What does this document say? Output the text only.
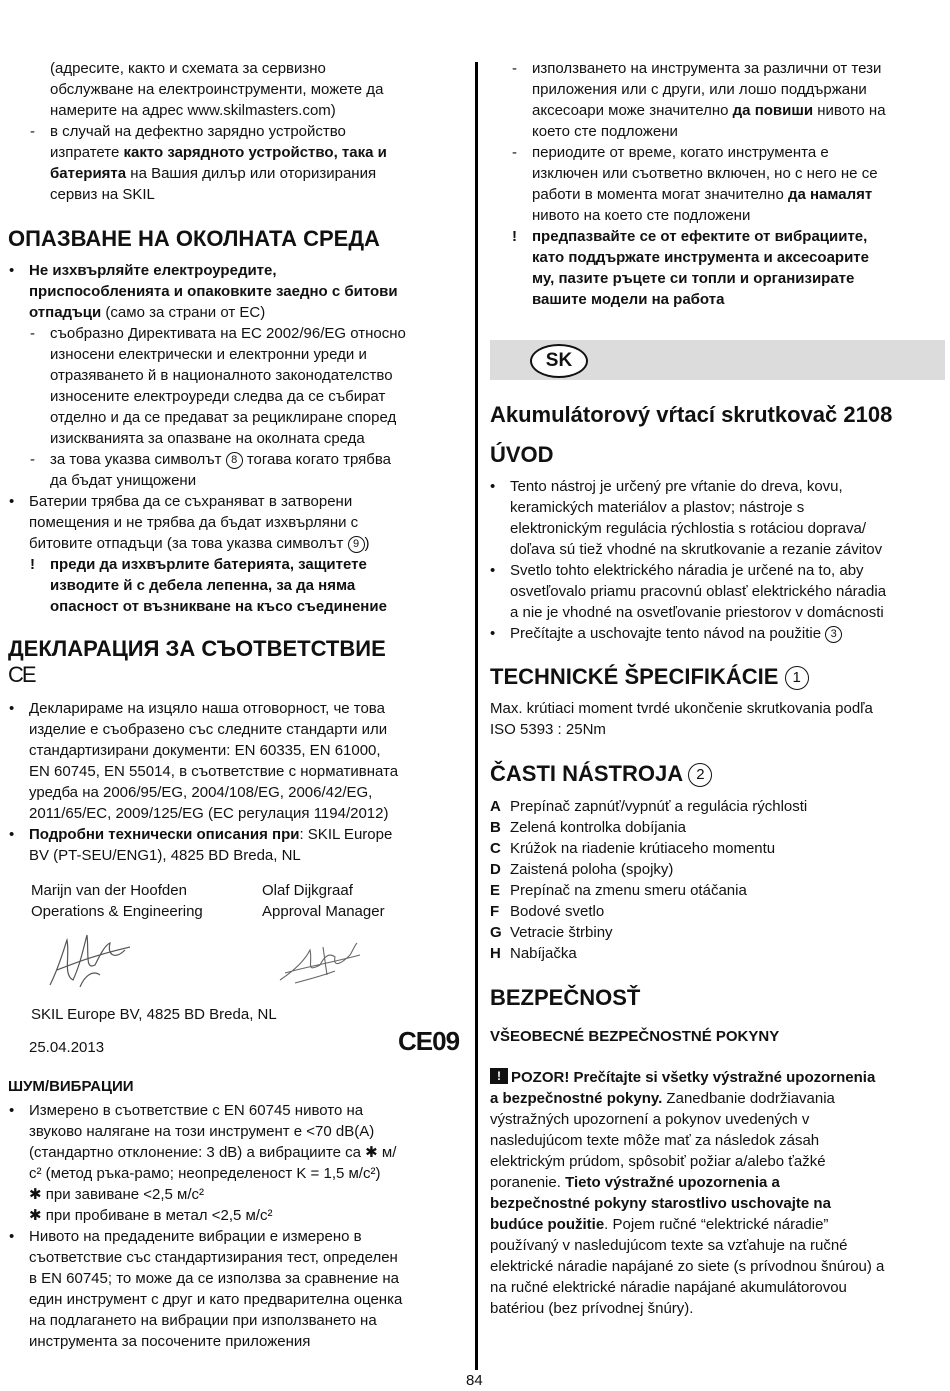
(адресите, както и схемата за сервизно
обслужване на електроинструменти, можете да
намерите на адрес www.skilmasters.com)
- в случай на дефектно зарядно устройство
изпратете както зарядното устройство, така и
батерията на Вашия дилър или оторизирания
сервиз на SKIL
ОПАЗВАНЕ НА ОКОЛНАТА СРЕДА
• Не изхвърляйте електроуредите,
приспособленията и опаковките заедно с битови
отпадъци (само за страни от ЕС)
- съобразно Директивата на ЕС 2002/96/EG относно
износени електрически и електронни уреди и
отразяването й в националното законодателство
износените електроуреди следва да се събират
отделно и да се предават за рециклиране според
изискванията за опазване на околната среда
- за това указва символът 8 тогава когато трябва
да бъдат унищожени
• Батерии трябва да се съхраняват в затворени
помещения и не трябва да бъдат изхвърляни с
битовите отпадъци (за това указва символът 9 )
! преди да изхвърлите батерията, защитете
изводите й с дебела лепенна, за да няма
опасност от възникване на късо съединение
ДЕКЛАРАЦИЯ ЗА СЪОТВЕТСТВИЕ
CE
• Декларираме на изцяло наша отговорност, че това
изделие е съобразено със следните стандарти или
стандартизирани документи: EN 60335, EN 61000,
EN 60745, EN 55014, в съответствие с нормативната
уредба на 2006/95/EG, 2004/108/EG, 2006/42/EG,
2011/65/EC, 2009/125/EG (ЕС регулация 1194/2012)
• Подробни технически описания при: SKIL Europe
BV (PT-SEU/ENG1), 4825 BD Breda, NL
Marijn van der Hoofden
Operations & Engineering
Olaf Dijkgraaf
Approval Manager
SKIL Europe BV, 4825 BD Breda, NL
25.04.2013	CE09
ШУМ/ВИБРАЦИИ
• Измерено в съответствие с EN 60745 нивото на
звуково налягане на този инструмент е <70 dB(A)
(стандартно отклонение: 3 dB) а вибрациите са ✱ м/
c² (метод ръка-рамо; неопределеност K = 1,5 м/c²)
✱ при завиване <2,5 м/c²
✱ при пробиване в метал <2,5 м/c²
• Нивото на предадените вибрации е измерено в
съответствие със стандартизирания тест, определен
в EN 60745; то може да се използва за сравнение на
един инструмент с друг и като предварителна оценка
на подлагането на вибрации при използването на
инструмента за посочените приложения
- използването на инструмента за различни от тези
приложения или с други, или лошо поддържани
аксесоари може значително да повиши нивото на
което сте подложени
- периодите от време, когато инструмента е
изключен или съответно включен, но с него не се
работи в момента могат значително да намалят
нивото на което сте подложени
! предпазвайте се от ефектите от вибрациите,
като поддържате инструмента и аксесоарите
му, пазите ръцете си топли и организирате
вашите модели на работа
SK
Akumulátorový vŕtací skrutkovač 2108
ÚVOD
• Tento nástroj je určený pre vŕtanie do dreva, kovu,
keramických materiálov a plastov; nástroje s
elektronickým regulácia rýchlostia s rotáciou doprava/
doľava sú tiež vhodné na skrutkovanie a rezanie závitov
• Svetlo tohto elektrického náradia je určené na to, aby
osvetľovalo priamu pracovnú oblasť elektrického náradia
a nie je vhodné na osvetľovanie priestorov v domácnosti
• Prečítajte a uschovajte tento návod na použitie 3
TECHNICKÉ ŠPECIFIKÁCIE 1
Max. krútiaci moment tvrdé ukončenie skrutkovania podľa
ISO 5393 : 25Nm
ČASTI NÁSTROJA 2
A Prepínač zapnúť/vypnúť a regulácia rýchlosti
B Zelená kontrolka dobíjania
C Krúžok na riadenie krútiaceho momentu
D Zaistená poloha (spojky)
E Prepínač na zmenu smeru otáčania
F Bodové svetlo
G Vetracie štrbiny
H Nabíjačka
BEZPEČNOSŤ
VŠEOBECNÉ BEZPEČNOSTNÉ POKYNY
! POZOR! Prečítajte si všetky výstražné upozornenia
a bezpečnostné pokyny. Zanedbanie dodržiavania
výstražných upozornení a pokynov uvedených v
nasledujúcom texte môže mať za následok zásah
elektrickým prúdom, spôsobiť požiar a/alebo ťažké
poranenie. Tieto výstražné upozornenia a
bezpečnostné pokyny starostlivo uschovajte na
budúce použitie. Pojem ručné “elektrické náradie”
používaný v nasledujúcom texte sa vzťahuje na ručné
elektrické náradie napájané zo siete (s prívodnou šnúrou) a
na ručné elektrické náradie napájané akumulátorovou
batériou (bez prívodnej šnúry).
84
